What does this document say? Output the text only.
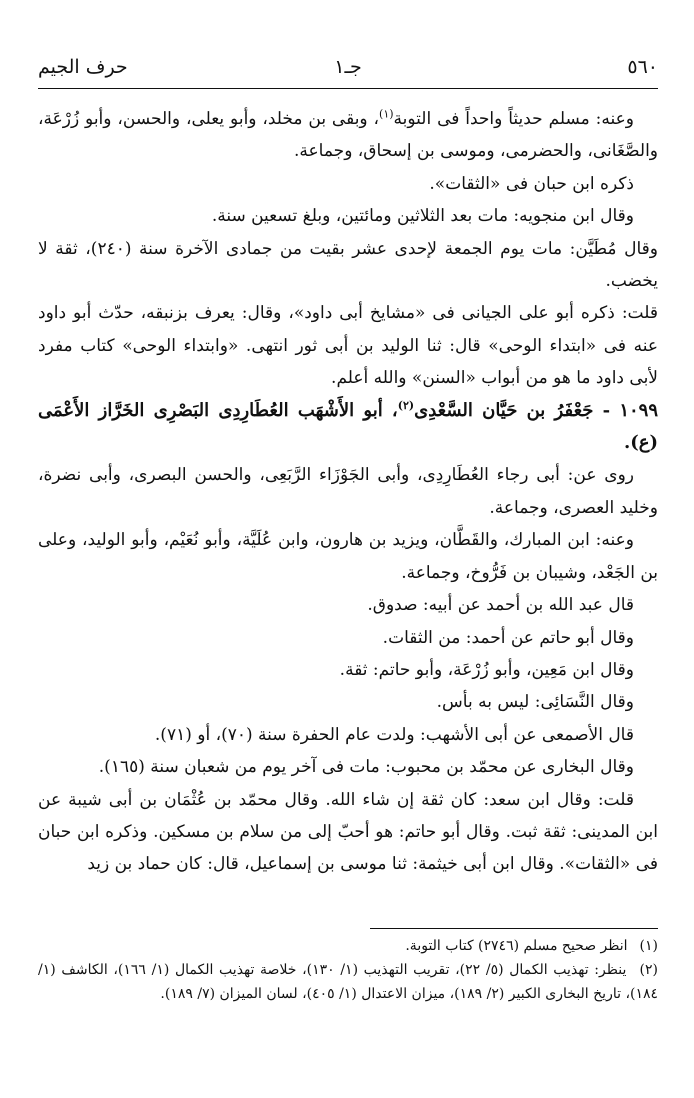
٥٦٠
جـ١
حرف الجيم

وعنه: مسلم حديثاً واحداً فى التوبة$^{(١)}$، وبقى بن مخلد، وأبو يعلى، والحسن، وأبو زُرْعَة، والصَّغَانى، والحضرمى، وموسى بن إسحاق، وجماعة.

ذكره ابن حبان فى «الثقات».

وقال ابن منجويه: مات بعد الثلاثين ومائتين، وبلغ تسعين سنة.

وقال مُطَيَّن: مات يوم الجمعة لإحدى عشر بقيت من جمادى الآخرة سنة (٢٤٠)، ثقة لا يخضب.

قلت: ذكره أبو على الجيانى فى «مشايخ أبى داود»، وقال: يعرف بزنبقه، حدّث أبو داود عنه فى «ابتداء الوحى» قال: ثنا الوليد بن أبى ثور انتهى. «وابتداء الوحى» كتاب مفرد لأبى داود ما هو من أبواب «السنن» والله أعلم.

١٠٩٩ - جَعْفَرُ بن حَيَّان السَّعْدِى$^{(٢)}$، أبو الأَشْهَب العُطَارِدِى البَصْرِى الخَرَّاز الأَعْمَى (ع).

روى عن: أبى رجاء العُطَارِدِى، وأبى الجَوْزَاء الرَّبَعِى، والحسن البصرى، وأبى نضرة، وخليد العصرى، وجماعة.

وعنه: ابن المبارك، والقَطَّان، ويزيد بن هارون، وابن عُلَيَّة، وأبو نُعَيْم، وأبو الوليد، وعلى بن الجَعْد، وشيبان بن فَرُّوخ، وجماعة.

قال عبد الله بن أحمد عن أبيه: صدوق.

وقال أبو حاتم عن أحمد: من الثقات.

وقال ابن مَعِين، وأبو زُرْعَة، وأبو حاتم: ثقة.

وقال النَّسَائِى: ليس به بأس.

قال الأصمعى عن أبى الأشهب: ولدت عام الحفرة سنة (٧٠)، أو (٧١).

وقال البخارى عن محمّد بن محبوب: مات فى آخر يوم من شعبان سنة (١٦٥).

قلت: وقال ابن سعد: كان ثقة إن شاء الله. وقال محمّد بن عُثْمَان بن أبى شيبة عن ابن المدينى: ثقة ثبت. وقال أبو حاتم: هو أحبّ إلى من سلام بن مسكين. وذكره ابن حبان فى «الثقات». وقال ابن أبى خيثمة: ثنا موسى بن إسماعيل، قال: كان حماد بن زيد

(١) انظر صحيح مسلم (٢٧٤٦) كتاب التوبة.

(٢) ينظر: تهذيب الكمال (٥/ ٢٢)، تقريب التهذيب (١/ ١٣٠)، خلاصة تهذيب الكمال (١/ ١٦٦)، الكاشف (١/ ١٨٤)، تاريخ البخارى الكبير (٢/ ١٨٩)، ميزان الاعتدال (١/ ٤٠٥)، لسان الميزان (٧/ ١٨٩).
